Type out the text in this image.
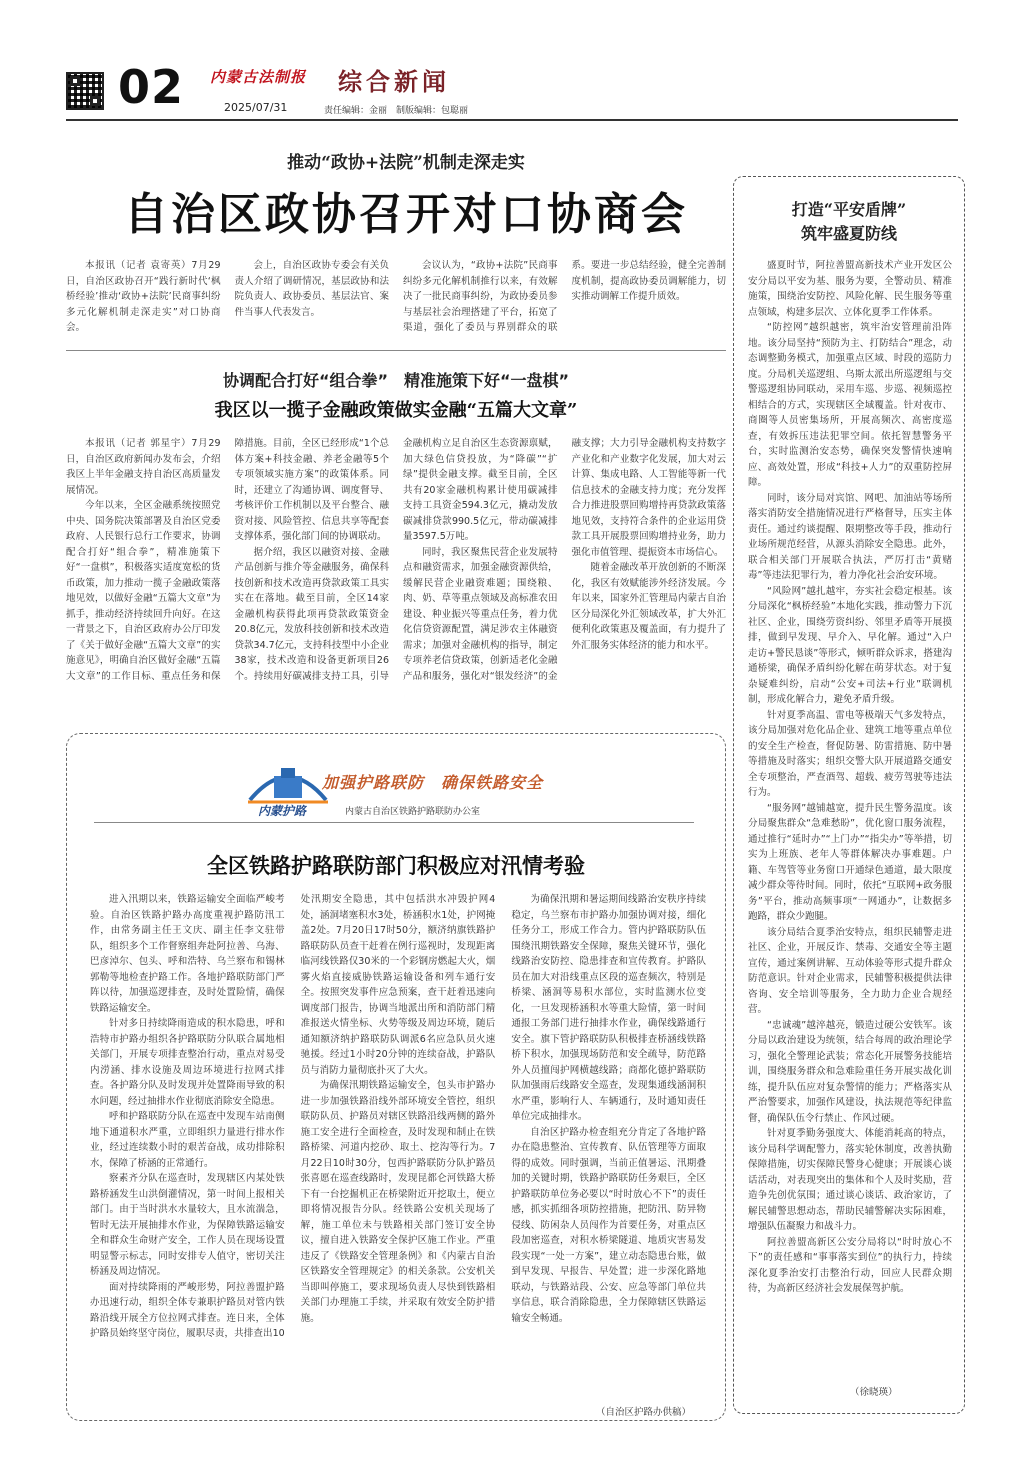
02 内蒙古法制报
2025/07/31
综合新闻
责任编辑：金丽　制版编辑：包聪丽
推动“政协+法院”机制走深走实
自治区政协召开对口协商会

本报讯（记者 袁寄英）7月29日，自治区政协召开“践行新时代‘枫桥经验’推动‘政协+法院’民商事纠纷多元化解机制走深走实”对口协商会。

会上，自治区政协专委会有关负责人介绍了调研情况，基层政协和法院负责人、政协委员、基层法官、案件当事人代表发言。

会议认为，“政协+法院”民商事纠纷多元化解机制推行以来，有效解决了一批民商事纠纷，为政协委员参与基层社会治理搭建了平台，拓宽了渠道，强化了委员与界别群众的联系。要进一步总结经验，健全完善制度机制，提高政协委员调解能力，切实推动调解工作提升质效。

协调配合打好“组合拳”　精准施策下好“一盘棋”
我区以一揽子金融政策做实金融“五篇大文章”

本报讯（记者 郭星宇）7月29日，自治区政府新闻办发布会，介绍我区上半年金融支持自治区高质量发展情况。

今年以来，全区金融系统按照党中央、国务院决策部署及自治区党委政府、人民银行总行工作要求，协调配合打好“组合拳”，精准施策下好“一盘棋”，积极落实适度宽松的货币政策，加力推动一揽子金融政策落地见效，以做好金融“五篇大文章”为抓手，推动经济持续回升向好。在这一背景之下，自治区政府办公厅印发了《关于做好金融“五篇大文章”的实施意见》，明确自治区做好金融“五篇大文章”的工作目标、重点任务和保障措施。目前，全区已经形成“1个总体方案+科技金融、养老金融等5个专项领域实施方案”的政策体系。同时，还建立了沟通协调、调度督导、考核评价工作机制以及平台整合、融资对接、风险管控、信息共享等配套支撑体系，强化部门间的协调联动。

据介绍，我区以融资对接、金融产品创新与推介等金融服务，确保科技创新和技术改造再贷款政策工具实实在在落地。截至目前，全区14家金融机构获得此项再贷款政策资金20.8亿元，发放科技创新和技术改造贷款34.7亿元，支持科技型中小企业38家，技术改造和设备更新项目26个。持续用好碳减排支持工具，引导金融机构立足自治区生态资源禀赋，加大绿色信贷投放，为“降碳”“扩绿”提供金融支撑。截至目前，全区共有20家金融机构累计使用碳减排支持工具资金594.3亿元，撬动发放碳减排贷款990.5亿元，带动碳减排量3597.5万吨。

同时，我区聚焦民营企业发展特点和融资需求，加强金融资源供给，缓解民营企业融资难题；围绕粮、肉、奶、草等重点领域及高标准农田建设、种业振兴等重点任务，着力优化信贷资源配置，满足涉农主体融资需求；加强对金融机构的指导，制定专项养老信贷政策，创新适老化金融产品和服务，强化对“银发经济”的金融支撑；大力引导金融机构支持数字产业化和产业数字化发展，加大对云计算、集成电路、人工智能等新一代信息技术的金融支持力度；充分发挥合力推进股票回购增持再贷款政策落地见效，支持符合条件的企业运用贷款工具开展股票回购增持业务，助力强化市值管理、提振资本市场信心。

随着金融改革开放创新的不断深化，我区有效赋能涉外经济发展。今年以来，国家外汇管理局内蒙古自治区分局深化外汇领域改革，扩大外汇便利化政策惠及覆盖面，有力提升了外汇服务实体经济的能力和水平。

打造“平安盾牌”
筑牢盛夏防线

盛夏时节，阿拉善盟高新技术产业开发区公安分局以平安为基、服务为要，全警动员、精准施策，围绕治安防控、风险化解、民生服务等重点领域，构建多层次、立体化夏季工作体系。

“防控网”越织越密，筑牢治安管理前沿阵地。该分局坚持“预防为主、打防结合”理念，动态调整勤务模式，加强重点区域、时段的巡防力度。分局机关巡逻组、乌斯太派出所巡逻组与交警巡逻组协同联动，采用车巡、步巡、视频巡控相结合的方式，实现辖区全域覆盖。针对夜市、商圈等人员密集场所，开展高频次、高密度巡查，有效拆压违法犯罪空间。依托智慧警务平台，实时监测治安态势，确保突发警情快速响应、高效处置，形成“科技+人力”的双重防控屏障。

同时，该分局对宾馆、网吧、加油站等场所落实消防安全措施情况进行严格督导，压实主体责任。通过约谈提醒、限期整改等手段，推动行业场所规范经营，从源头消除安全隐患。此外，联合相关部门开展联合执法，严厉打击“黄赌毒”等违法犯罪行为，着力净化社会治安环境。

“风险网”越扎越牢，夯实社会稳定根基。该分局深化“枫桥经验”本地化实践，推动警力下沉社区、企业，围绕劳资纠纷、邻里矛盾等开展摸排，做到早发现、早介入、早化解。通过“入户走访+警民恳谈”等形式，倾听群众诉求，搭建沟通桥梁，确保矛盾纠纷化解在萌芽状态。对于复杂疑难纠纷，启动“公安+司法+行业”联调机制，形成化解合力，避免矛盾升级。

针对夏季高温、雷电等极端天气多发特点，该分局加强对危化品企业、建筑工地等重点单位的安全生产检查，督促防暑、防雷措施、防中暑等措施及时落实；组织交警大队开展道路交通安全专项整治，严查酒驾、超载、疲劳驾驶等违法行为。

“服务网”越铺越宽，提升民生警务温度。该分局聚焦群众“急难愁盼”，优化窗口服务流程，通过推行“延时办”“上门办”“指尖办”等举措，切实为上班族、老年人等群体解决办事难题。户籍、车驾管等业务窗口开通绿色通道，最大限度减少群众等待时间。同时，依托“互联网+政务服务”平台，推动高频事项“一网通办”，让数据多跑路，群众少跑腿。

该分局结合夏季治安特点，组织民辅警走进社区、企业，开展反诈、禁毒、交通安全等主题宣传，通过案例讲解、互动体验等形式提升群众防范意识。针对企业需求，民辅警积极提供法律咨询、安全培训等服务，全力助力企业合规经营。

“忠诚魂”越淬越亮，锻造过硬公安铁军。该分局以政治建设为统领，结合每周的政治理论学习，强化全警理论武装；常态化开展警务技能培训，围绕服务群众和急难险重任务开展实战化训练，提升队伍应对复杂警情的能力；严格落实从严治警要求，加强作风建设，执法规范等纪律监督，确保队伍令行禁止、作风过硬。

针对夏季勤务强度大、体能消耗高的特点，该分局科学调配警力，落实轮休制度，改善执勤保障措施，切实保障民警身心健康；开展谈心谈话活动，对表现突出的集体和个人及时奖励，营造争先创优氛围；通过谈心谈话、政治家访，了解民辅警思想动态，帮助民辅警解决实际困难，增强队伍凝聚力和战斗力。

阿拉善盟高新区公安分局将以“时时放心不下”的责任感和“事事落实到位”的执行力，持续深化夏季治安打击整治行动，回应人民群众期待，为高新区经济社会发展保驾护航。

（徐晓瑛）
加强护路联防　确保铁路安全
内蒙护路	内蒙古自治区铁路护路联防办公室
全区铁路护路联防部门积极应对汛情考验

进入汛期以来，铁路运输安全面临严峻考验。自治区铁路护路办高度重视护路防汛工作，由常务副主任王文庆、副主任李文驻带队，组织多个工作督察组奔赴阿拉善、乌海、巴彦淖尔、包头、呼和浩特、乌兰察布和锡林郭勒等地检查护路工作。各地护路联防部门严阵以待，加强巡逻排查，及时处置险情，确保铁路运输安全。

针对多日持续降雨造成的积水隐患，呼和浩特市护路办组织各护路联防分队联合属地相关部门，开展专项排查整治行动，重点对易受内涝涵、排水设施及周边环境进行拉网式排查。各护路分队及时发现并处置降雨导致的积水问题，经过抽排水作业彻底消除安全隐患。

呼和护路联防分队在巡查中发现车站南侧地下通道积水严重，立即组织力量进行排水作业，经过连续数小时的艰苦奋战，成功排除积水，保障了桥涵的正常通行。

察素齐分队在巡查时，发现辖区内某处铁路桥涵发生山洪倒灌情况，第一时间上报相关部门。由于当时洪水水量较大，且水流湍急，暂时无法开展抽排水作业，为保障铁路运输安全和群众生命财产安全，工作人员在现场设置明显警示标志，同时安排专人值守，密切关注桥涵及周边情况。

面对持续降雨的严峻形势，阿拉善盟护路办迅速行动，组织全体专兼职护路员对管内铁路沿线开展全方位拉网式排查。连日来，全体护路员始终坚守岗位，履职尽责，共排查出10处汛期安全隐患，其中包括洪水冲毁护网4处，涵洞堵塞积水3处，桥涵积水1处，护网掩盖2处。7月20日17时50分，额济纳旗铁路护路联防队员查干赶着在例行巡视时，发现距离临河线铁路仅30米的一个彩钢房燃起大火，烟雾火焰直接威胁铁路运输设备和列车通行安全。按照突发事件应急预案，查干赶着迅速向调度部门报告，协调当地派出所和消防部门精准报送火情坐标、火势等级及周边环境，随后通知额济纳护路联防队调派6名应急队员火速驰援。经过1小时20分钟的连续奋战，护路队员与消防力量彻底扑灭了大火。

为确保汛期铁路运输安全，包头市护路办进一步加强铁路沿线外部环境安全管控，组织联防队员、护路员对辖区铁路沿线两侧的路外施工安全进行全面检查，及时发现和制止在铁路桥梁、河道内挖砂、取土、挖沟等行为。7月22日10时30分，包西护路联防分队护路员张喜愿在巡查线路时，发现昆都仑河铁路大桥下有一台挖掘机正在桥梁附近开挖取土，便立即将情况报告分队。经铁路公安机关现场了解，施工单位未与铁路相关部门签订安全协议，擅自进入铁路安全保护区施工作业。严重违反了《铁路安全管理条例》和《内蒙古自治区铁路安全管理规定》的相关条款。公安机关当即叫停施工，要求现场负责人尽快到铁路相关部门办理施工手续，并采取有效安全防护措施。

为确保汛期和暑运期间线路治安秩序持续稳定，乌兰察布市护路办加强协调对接，细化任务分工，形成工作合力。管内护路联防队伍围绕汛期铁路安全保障，聚焦关键环节，强化线路治安防控、隐患排查和宣传教育。护路队员在加大对沿线重点区段的巡查频次，特别是桥梁、涵洞等易积水部位，实时监测水位变化，一旦发现桥涵积水等重大险情，第一时间通报工务部门进行抽排水作业，确保线路通行安全。旗下管护路联防队积极排查桥涵线铁路桥下积水，加强现场防范和安全疏导，防范路外人员擅闯护网横越线路；商都化德护路联防队加强雨后线路安全巡查，发现集通线涵洞积水严重，影响行人、车辆通行，及时通知责任单位完成抽排水。

自治区护路办检查组充分肯定了各地护路办在隐患整治、宣传教育、队伍管理等方面取得的成效。同时强调，当前正值暑运、汛期叠加的关键时期，铁路护路联防任务艰巨，全区护路联防单位务必要以“时时放心不下”的责任感，抓实抓细各项防控措施，把防汛、防异物侵线、防闲杂人员闯作为首要任务，对重点区段加密巡查，对积水桥梁隧道、地质灾害易发段实现“一处一方案”，建立动态隐患台账，做到早发现、早报告、早处置；进一步深化路地联动，与铁路站段、公安、应急等部门单位共享信息，联合消除隐患，全力保障辖区铁路运输安全畅通。

（自治区护路办供稿）
